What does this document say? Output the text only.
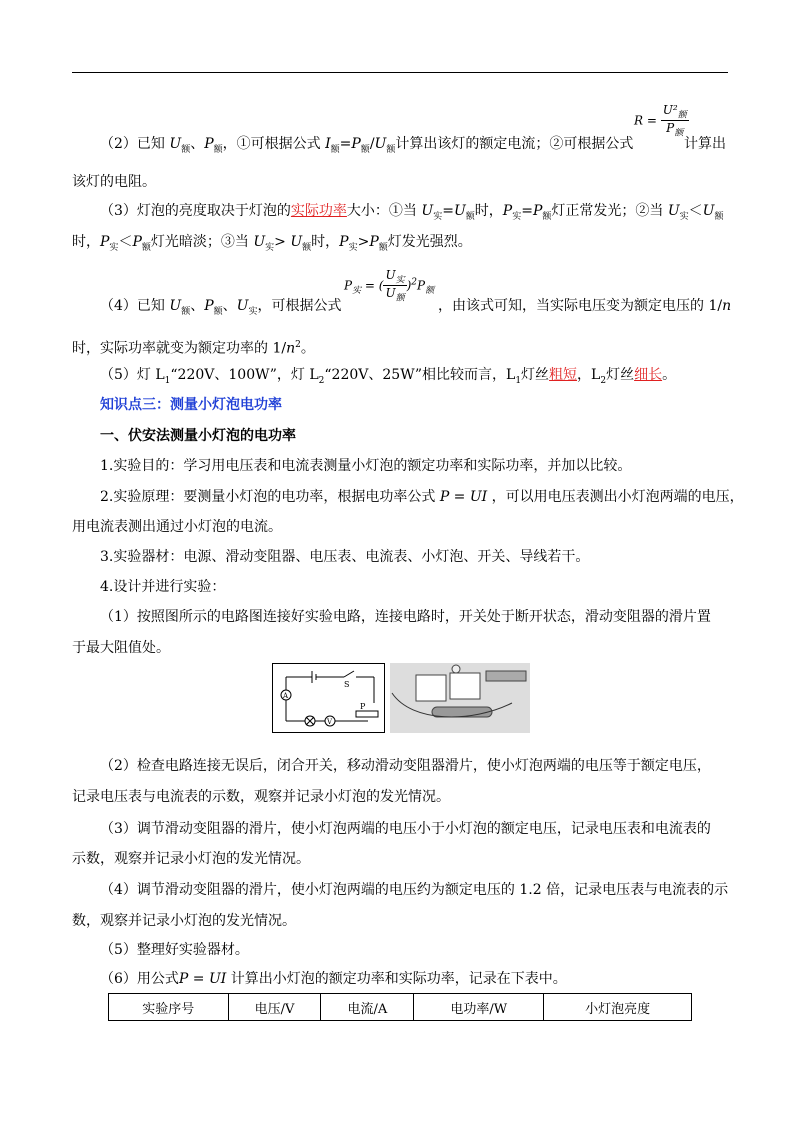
$R = \frac{U^2_额}{P_额}$
（2）已知 $U_额$、$P_额$，①可根据公式 $I_额=P_额/U_额$计算出该灯的额定电流；②可根据公式	计算出
该灯的电阻。
（3）灯泡的亮度取决于灯泡的实际功率大小：①当 $U_实=U_额$时，$P_实=P_额$灯正常发光；②当 $U_实<U_额$
时，$P_实<P_额$灯光暗淡；③当 $U_实> U_额$时，$P_实>P_额$灯发光强烈。
$P_实$ = ( $\frac{U_实}{U_额} )^2P_额$
（4）已知 $U_额$、$P_额$、$U_实$，可根据公式	，由该式可知，当实际电压变为额定电压的 1/n
时，实际功率就变为额定功率的 $1/n^2$。
（5）灯 $L_1“220V$、100W”，灯 $L_2“220V$、25W”相比较而言，$L_1$灯丝粗短，$L_2$灯丝细长。
知识点三：测量小灯泡电功率
一、伏安法测量小灯泡的电功率
1.实验目的：学习用电压表和电流表测量小灯泡的额定功率和实际功率，并加以比较。
2.实验原理：要测量小灯泡的电功率，根据电功率公式 P = UI ，可以用电压表测出小灯泡两端的电压，
用电流表测出通过小灯泡的电流。
3.实验器材：电源、滑动变阻器、电压表、电流表、小灯泡、开关、导线若干。
4.设计并进行实验：
（1）按照图所示的电路图连接好实验电路，连接电路时，开关处于断开状态，滑动变阻器的滑片置
于最大阻值处。
A
V
S
P
（2）检查电路连接无误后，闭合开关，移动滑动变阻器滑片，使小灯泡两端的电压等于额定电压，
记录电压表与电流表的示数，观察并记录小灯泡的发光情况。
（3）调节滑动变阻器的滑片，使小灯泡两端的电压小于小灯泡的额定电压，记录电压表和电流表的
示数，观察并记录小灯泡的发光情况。
（4）调节滑动变阻器的滑片，使小灯泡两端的电压约为额定电压的 1.2 倍，记录电压表与电流表的示
数，观察并记录小灯泡的发光情况。
（5）整理好实验器材。
（6）用公式P = UI 计算出小灯泡的额定功率和实际功率，记录在下表中。
实验序号	电压/V	电流/A	电功率/W	小灯泡亮度
